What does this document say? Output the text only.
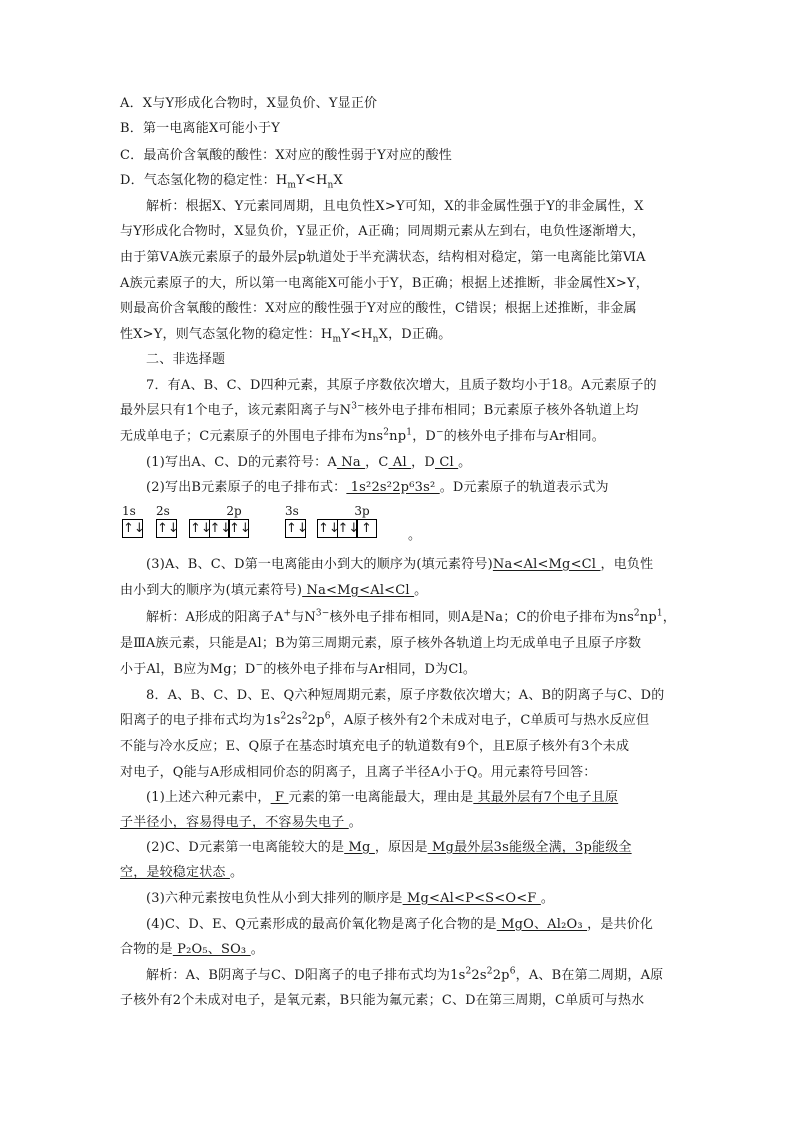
A．X与Y形成化合物时，X显负价、Y显正价
B．第一电离能X可能小于Y
C．最高价含氧酸的酸性：X对应的酸性弱于Y对应的酸性
D．气态氢化物的稳定性：$H_mY<H_nX$
解析：根据X、Y元素同周期，且电负性X>Y可知，X的非金属性强于Y的非金属性，X
与Y形成化合物时，X显负价，Y显正价，A正确；同周期元素从左到右，电负性逐渐增大，
由于第ⅤA族元素原子的最外层p轨道处于半充满状态，结构相对稳定，第一电离能比第ⅥA
A族元素原子的大，所以第一电离能X可能小于Y，B正确；根据上述推断，非金属性X>Y，
则最高价含氧酸的酸性：X对应的酸性强于Y对应的酸性，C错误；根据上述推断，非金属
性X>Y，则气态氢化物的稳定性：$H_mY<H_nX$，D正确。
二、非选择题
7．有A、B、C、D四种元素，其原子序数依次增大，且质子数均小于18。A元素原子的
最外层只有1个电子，该元素阳离子与$N^{3-}$核外电子排布相同；B元素原子核外各轨道上均
无成单电子；C元素原子的外围电子排布为$ns^2np^1$，D−的核外电子排布与Ar相同。
(1)写出A、C、D的元素符号：A Na ，C Al ，D Cl 。
(2)写出B元素原子的电子排布式： 1s²2s²2p⁶3s² 。D元素原子的轨道表示式为
1s
↑↓
2s
↑↓
2p
↑↓
↑↓
↑↓
3s
↑↓
3p
↑↓
↑↓ ↑	。
(3)A、B、C、D第一电离能由小到大的顺序为(填元素符号)Na<Al<Mg<Cl ，电负性
由小到大的顺序为(填元素符号) Na<Mg<Al<Cl 。
解析：A形成的阳离子A+与$N^{3-}$核外电子排布相同，则A是Na；C的价电子排布为$ns^2np^1$，
是ⅢA族元素，只能是Al；B为第三周期元素，原子核外各轨道上均无成单电子且原子序数
小于Al，B应为Mg；D−的核外电子排布与Ar相同，D为Cl。
8．A、B、C、D、E、Q六种短周期元素，原子序数依次增大；A、B的阴离子与C、D的
阳离子的电子排布式均为$1s^22s^22p^6$，A原子核外有2个未成对电子，C单质可与热水反应但
不能与冷水反应；E、Q原子在基态时填充电子的轨道数有9个，且E原子核外有3个未成
对电子，Q能与A形成相同价态的阴离子，且离子半径A小于Q。用元素符号回答：
(1)上述六种元素中， F 元素的第一电离能最大，理由是 其最外层有7个电子且原
子半径小，容易得电子，不容易失电子 。
(2)C、D元素第一电离能较大的是 Mg ，原因是 Mg最外层3s能级全满，3p能级全
空，是较稳定状态 。
(3)六种元素按电负性从小到大排列的顺序是 Mg<Al<P<S<O<F 。
(4)C、D、E、Q元素形成的最高价氧化物是离子化合物的是 MgO、Al₂O₃ ，是共价化
合物的是 P₂O₅、SO₃ 。
解析：A、B阴离子与C、D阳离子的电子排布式均为$1s^22s^22p^6$，A、B在第二周期，A原
子核外有2个未成对电子，是氧元素，B只能为氟元素；C、D在第三周期，C单质可与热水
